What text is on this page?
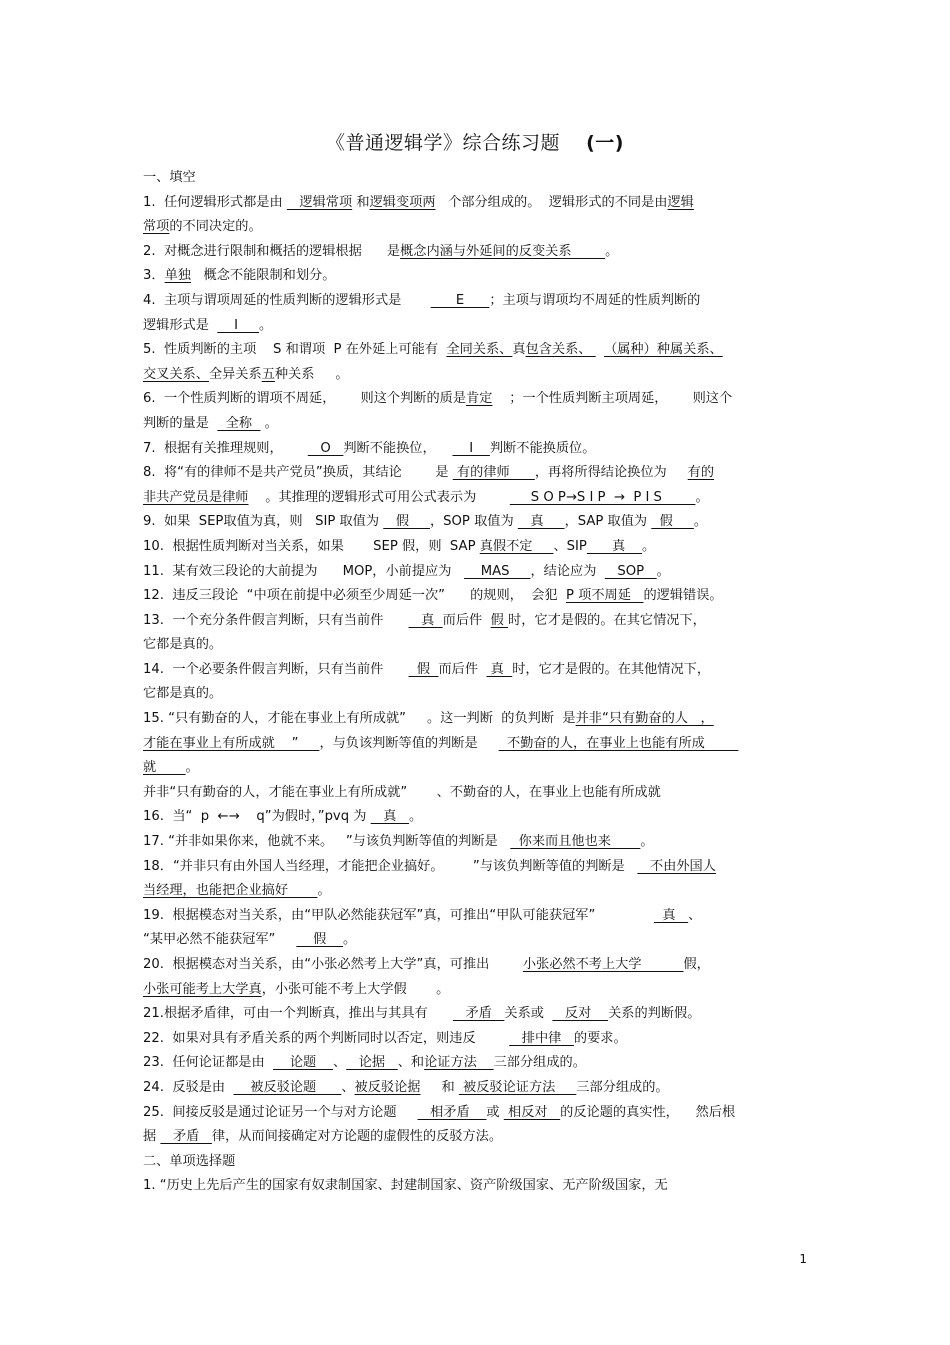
《普通逻辑学》综合练习题 (一)

一、填空

1.  任何逻辑形式都是由    逻辑常项 和逻辑变项两   个部分组成的。  逻辑形式的不同是由逻辑

常项的不同决定的。

2.  对概念进行限制和概括的逻辑根据      是概念内涵与外延间的反变关系        。

3．单独   概念不能限制和划分。

4.  主项与谓项周延的性质判断的逻辑形式是             E      ；主项与谓项均不周延的性质判断的

逻辑形式是      I     。

5.  性质判断的主项    S 和谓项  P 在外延上可能有  全同关系、真包含关系、   （属种）种属关系、

交叉关系、全异关系五种关系     。

6.  一个性质判断的谓项不周延，      则这个判断的质是肯定    ；一个性质判断主项周延，      则这个

判断的量是    全称   。

7.  根据有关推理规则，         O   判断不能换位，        I    判断不能换质位。

8.  将“有的律师不是共产党员”换质，其结论        是  有的律师      ，再将所得结论换位为     有的

非共产党员是律师    。其推理的逻辑形式可用公式表示为             S O P→S I P  →  P I S        。

9.  如果  SEP取值为真，则   SIP 取值为    假     ，SOP 取值为    真     ，SAP 取值为   假     。

10.  根据性质判断对当关系，如果       SEP 假，则  SAP 真假不定     、SIP      真    。

11.  某有效三段论的大前提为      MOP，小前提应为       MAS     ，结论应为     SOP   。

12.  违反三段论  “中项在前提中必须至少周延一次”      的规则，  会犯  P 项不周延   的逻辑错误。

13.  一个充分条件假言判断，只有当前件         真  而后件  假 时，它才是假的。在其它情况下，

它都是真的。

14.  一个必要条件假言判断，只有当前件        假  而后件   真  时，它才是假的。在其他情况下，

它都是真的。

15. “只有勤奋的人，才能在事业上有所成就”     。这一判断  的负判断  是并非“只有勤奋的人   ，

才能在事业上有所成就    ”     ，与负该判断等值的判断是       不勤奋的人，在事业上也能有所成

就       。

并非“只有勤奋的人，才能在事业上有所成就”       、不勤奋的人，在事业上也能有所成就

16.  当“  p  ←→    q”为假时，”pvq 为    真   。

17. “并非如果你来，他就不来。   ”与该负判断等值的判断是     你来而且他也来       。

18．“并非只有由外国人当经理，才能把企业搞好。       ”与该负判断等值的判断是      不由外国人

当经理，也能把企业搞好       。

19.  根据模态对当关系，由“甲队必然能获冠军”真，可推出“甲队可能获冠军”                真   、

“某甲必然不能获冠军”         假    。

20.  根据模态对当关系，由“小张必然考上大学”真，可推出        小张必然不考上大学          假，

小张可能考上大学真，小张可能不考上大学假       。

21.根据矛盾律，可由一个判断真，推出与其具有         矛盾   关系或     反对    关系的判断假。

22.  如果对具有矛盾关系的两个判断同时以否定，则违反           排中律   的要求。

23.  任何论证都是由      论题    、   论据   、和论证方法    三部分组成的。

24.  反驳是由      被反驳论题      、被反驳论据     和  被反驳论证方法     三部分组成的。

25.  间接反驳是通过论证另一个与对方论题        相矛盾    或  相反对   的反论题的真实性，    然后根

据    矛盾   律，从而间接确定对方论题的虚假性的反驳方法。

二、单项选择题

1. “历史上先后产生的国家有奴隶制国家、封建制国家、资产阶级国家、无产阶级国家，无

1
